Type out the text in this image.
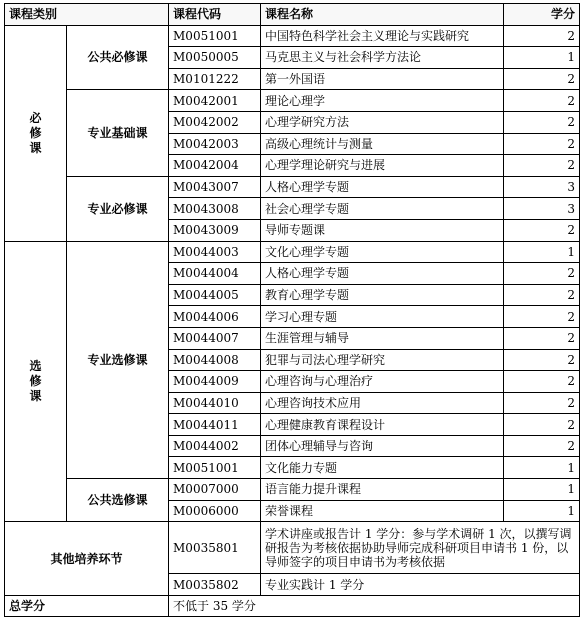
课程类别		课程代码	课程名称	学分
必修课	公共必修课	M0051001	中国特色科学社会主义理论与实践研究	2
		M0050005	马克思主义与社会科学方法论	1
		M0101222	第一外国语	2
	专业基础课	M0042001	理论心理学	2
		M0042002	心理学研究方法	2
		M0042003	高级心理统计与测量	2
		M0042004	心理学理论研究与进展	2
	专业必修课	M0043007	人格心理学专题	3
		M0043008	社会心理学专题	3
		M0043009	导师专题课	2
选修课	专业选修课	M0044003	文化心理学专题	1
		M0044004	人格心理学专题	2
		M0044005	教育心理学专题	2
		M0044006	学习心理专题	2
		M0044007	生涯管理与辅导	2
		M0044008	犯罪与司法心理学研究	2
		M0044009	心理咨询与心理治疗	2
		M0044010	心理咨询技术应用	2
		M0044011	心理健康教育课程设计	2
		M0044002	团体心理辅导与咨询	2
		M0051001	文化能力专题	1
	公共选修课	M0007000	语言能力提升课程	1
		M0006000	荣誉课程	1
其他培养环节		M0035801	学术讲座或报告计 1 学分：参与学术调研 1 次，以撰写调研报告为考核依据协助导师完成科研项目申请书 1 份，以导师签字的项目申请书为考核依据	
		M0035802	专业实践计 1 学分	
总学分		不低于 35 学分		
